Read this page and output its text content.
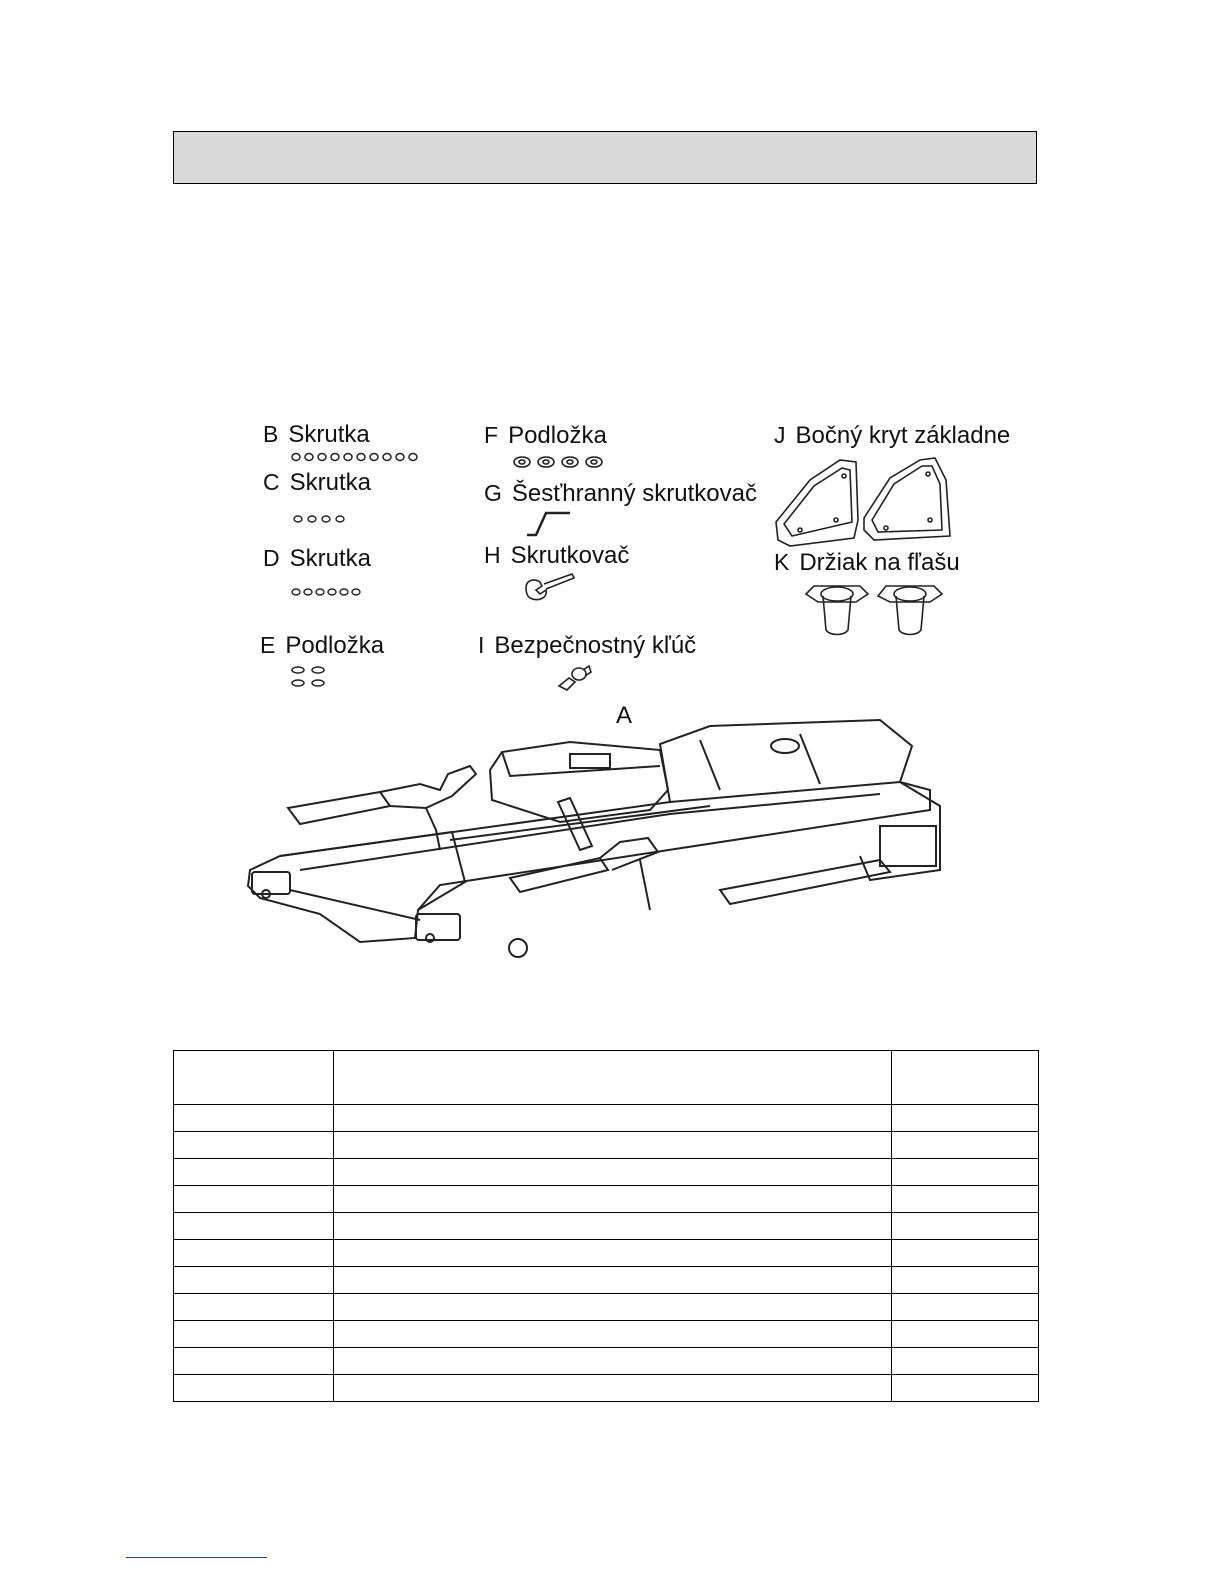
B Skrutka
C Skrutka
D Skrutka
E Podložka
F Podložka
G Šesťhranný skrutkovač
H Skrutkovač
I Bezpečnostný kľúč
J Bočný kryt základne
K Držiak na fľašu
A
